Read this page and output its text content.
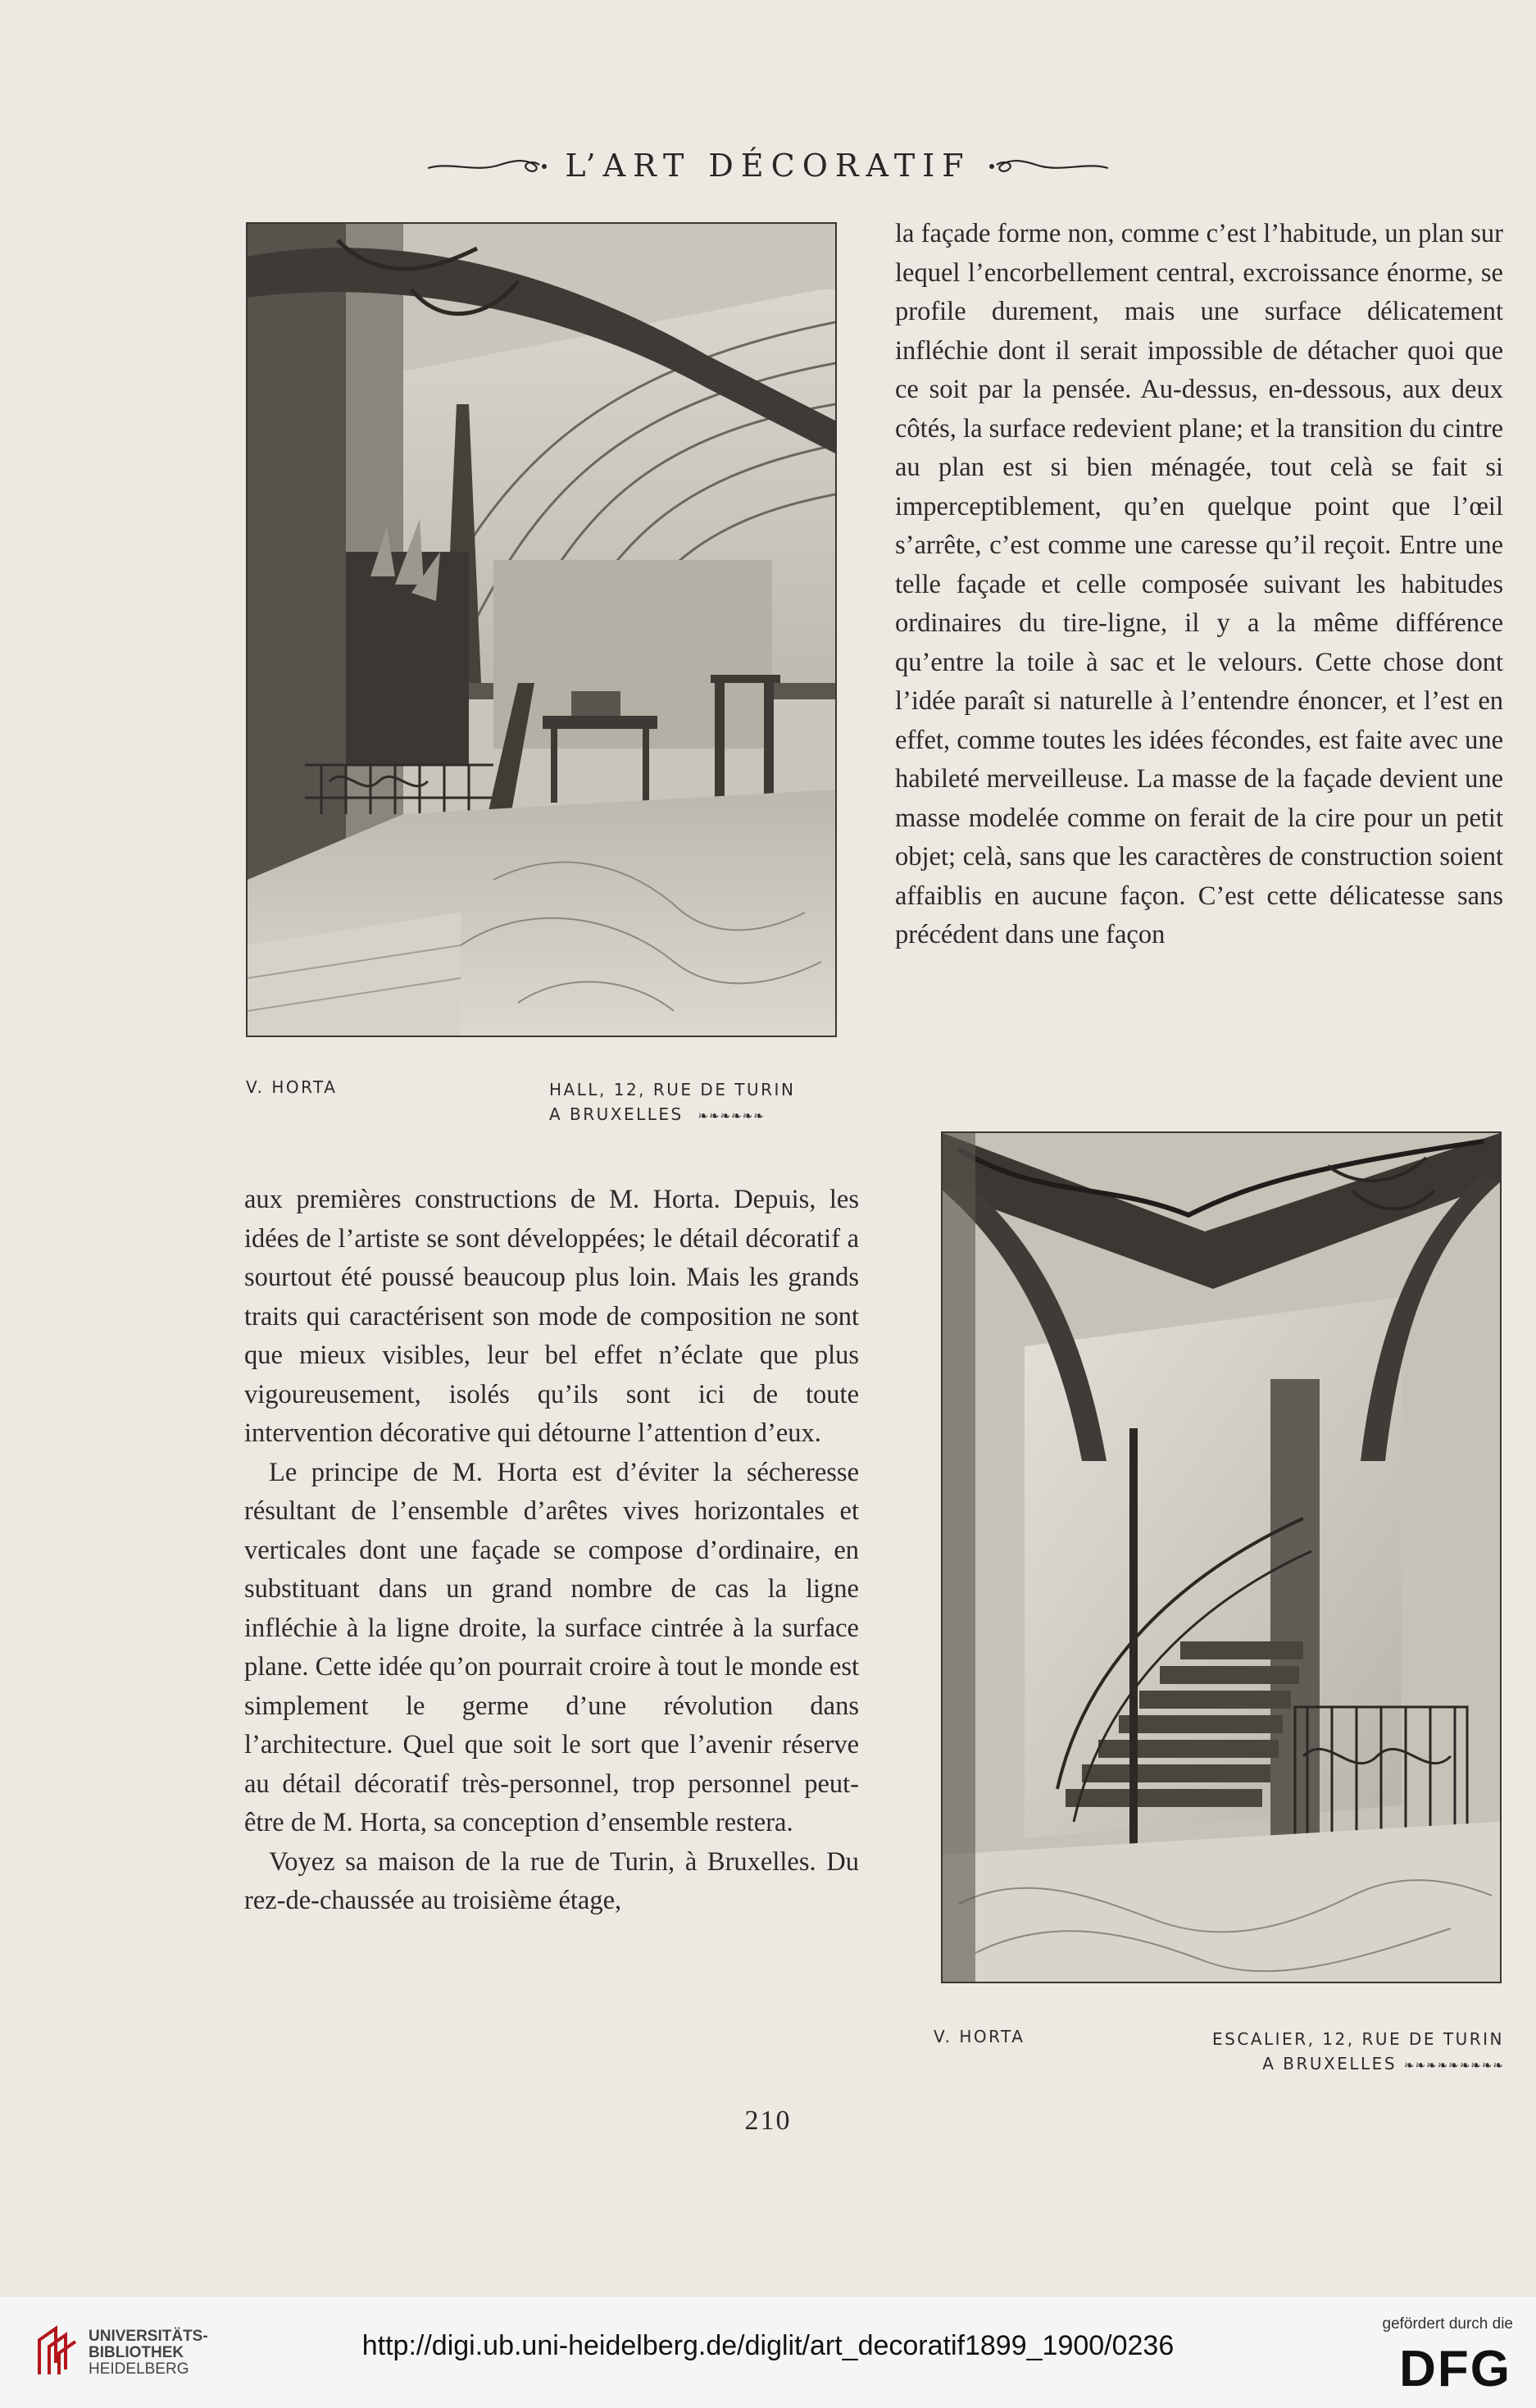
L’ART DÉCORATIF
V. HORTA	HALL, 12, RUE DE TURIN
A BRUXELLES ❧❧❧❧❧❧

la façade forme non, comme c’est l’habitude, un plan sur lequel l’encorbellement central, excroissance énorme, se profile durement, mais une surface délicatement infléchie dont il serait impossible de détacher quoi que ce soit par la pensée. Au-dessus, en-dessous, aux deux côtés, la surface redevient plane; et la transition du cintre au plan est si bien ménagée, tout celà se fait si imperceptiblement, qu’en quelque point que l’œil s’arrête, c’est comme une caresse qu’il reçoit. Entre une telle façade et celle composée suivant les habitudes ordinaires du tire-ligne, il y a la même différence qu’entre la toile à sac et le velours. Cette chose dont l’idée paraît si naturelle à l’entendre énoncer, et l’est en effet, comme toutes les idées fécondes, est faite avec une habileté merveilleuse. La masse de la façade devient une masse modelée comme on ferait de la cire pour un petit objet; celà, sans que les caractères de construction soient affaiblis en aucune façon. C’est cette délicatesse sans précédent dans une façon

aux premières constructions de M. Horta. Depuis, les idées de l’artiste se sont développées; le détail décoratif a sourtout été poussé beaucoup plus loin. Mais les grands traits qui caractérisent son mode de composition ne sont que mieux visibles, leur bel effet n’éclate que plus vigoureusement, isolés qu’ils sont ici de toute intervention décorative qui détourne l’attention d’eux.

Le principe de M. Horta est d’éviter la sécheresse résultant de l’ensemble d’arêtes vives horizontales et verticales dont une façade se compose d’ordinaire, en substituant dans un grand nombre de cas la ligne infléchie à la ligne droite, la surface cintrée à la surface plane. Cette idée qu’on pourrait croire à tout le monde est simplement le germe d’une révolution dans l’architecture. Quel que soit le sort que l’avenir réserve au détail décoratif très-personnel, trop personnel peut-être de M. Horta, sa conception d’ensemble restera.

Voyez sa maison de la rue de Turin, à Bruxelles. Du rez-de-chaussée au troisième étage,

V. HORTA	ESCALIER, 12, RUE DE TURIN
A BRUXELLES ❧❧❧❧❧❧❧❧❧
210
UNIVERSITÄTS-
BIBLIOTHEK
HEIDELBERG
http://digi.ub.uni-heidelberg.de/diglit/art_decoratif1899_1900/0236
gefördert durch die
DFG
